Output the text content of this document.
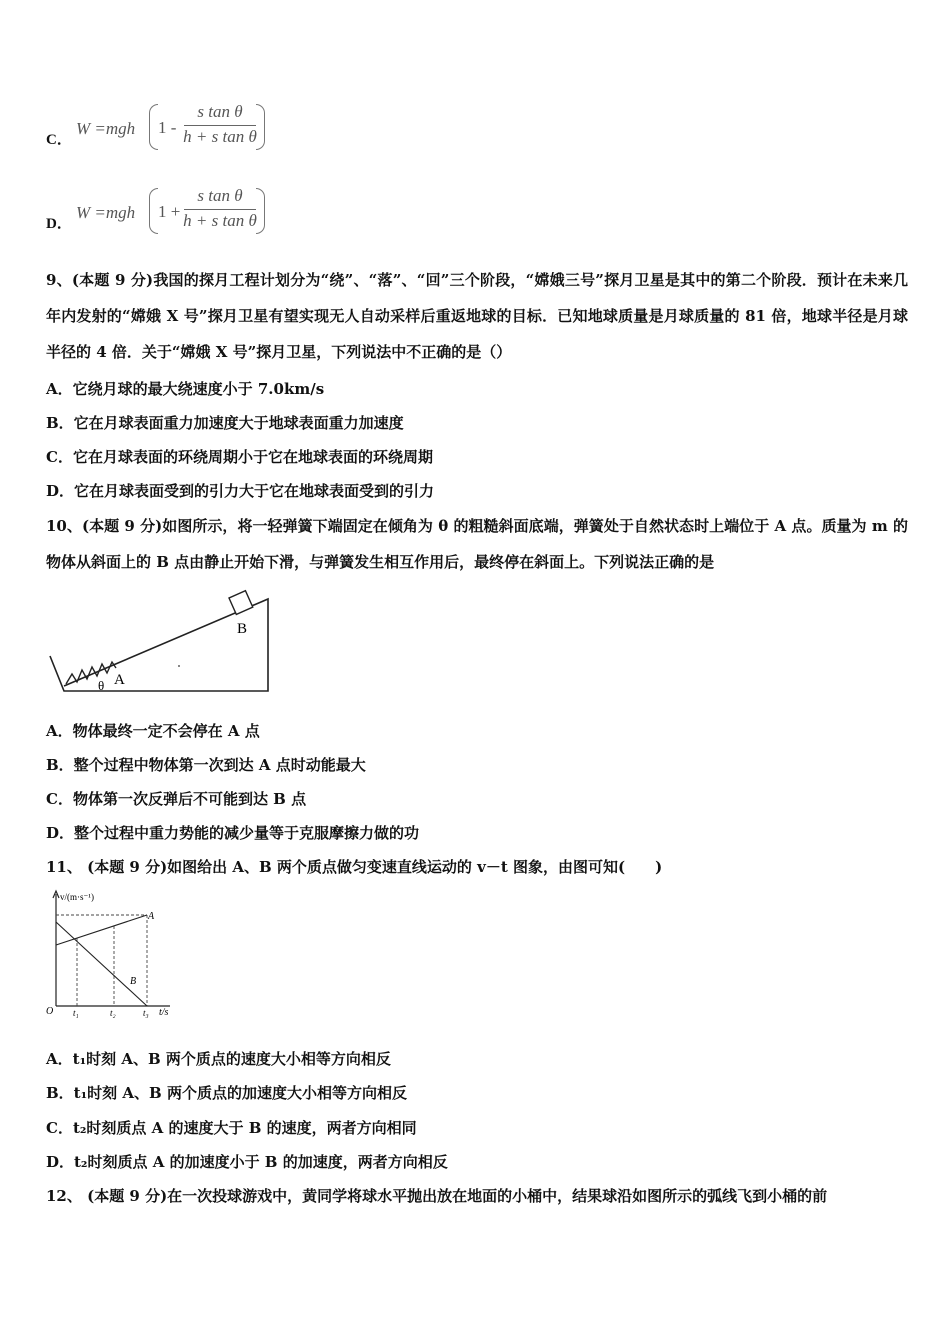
C．
W =mgh 1 -
s tan θ
h + s tan θ
D．
W =mgh 1 +
s tan θ
h + s tan θ

9、(本题 9 分)我国的探月工程计划分为“绕”、“落”、“回”三个阶段，“嫦娥三号”探月卫星是其中的第二个阶段．预计在未来几年内发射的“嫦娥 X 号”探月卫星有望实现无人自动采样后重返地球的目标．已知地球质量是月球质量的 81 倍，地球半径是月球半径的 4 倍．关于“嫦娥 X 号”探月卫星，下列说法中不正确的是（）

A．它绕月球的最大绕速度小于 7.0km/s
B．它在月球表面重力加速度大于地球表面重力加速度
C．它在月球表面的环绕周期小于它在地球表面的环绕周期
D．它在月球表面受到的引力大于它在地球表面受到的引力

10、(本题 9 分)如图所示，将一轻弹簧下端固定在倾角为 θ 的粗糙斜面底端，弹簧处于自然状态时上端位于 A 点。质量为 m 的物体从斜面上的 B 点由静止开始下滑，与弹簧发生相互作用后，最终停在斜面上。下列说法正确的是

B
θ A
A．物体最终一定不会停在 A 点
B．整个过程中物体第一次到达 A 点时动能最大
C．物体第一次反弹后不可能到达 B 点
D．整个过程中重力势能的减少量等于克服摩擦力做的功
11、 (本题 9 分)如图给出 A、B 两个质点做匀变速直线运动的 v－t 图象，由图可知(　　)
v/(m·s⁻¹)
A
B
O t₁	t₂	t₃ t/s
A．t₁时刻 A、B 两个质点的速度大小相等方向相反
B．t₁时刻 A、B 两个质点的加速度大小相等方向相反
C．t₂时刻质点 A 的速度大于 B 的速度，两者方向相同
D．t₂时刻质点 A 的加速度小于 B 的加速度，两者方向相反
12、 (本题 9 分)在一次投球游戏中，黄同学将球水平抛出放在地面的小桶中，结果球沿如图所示的弧线飞到小桶的前
